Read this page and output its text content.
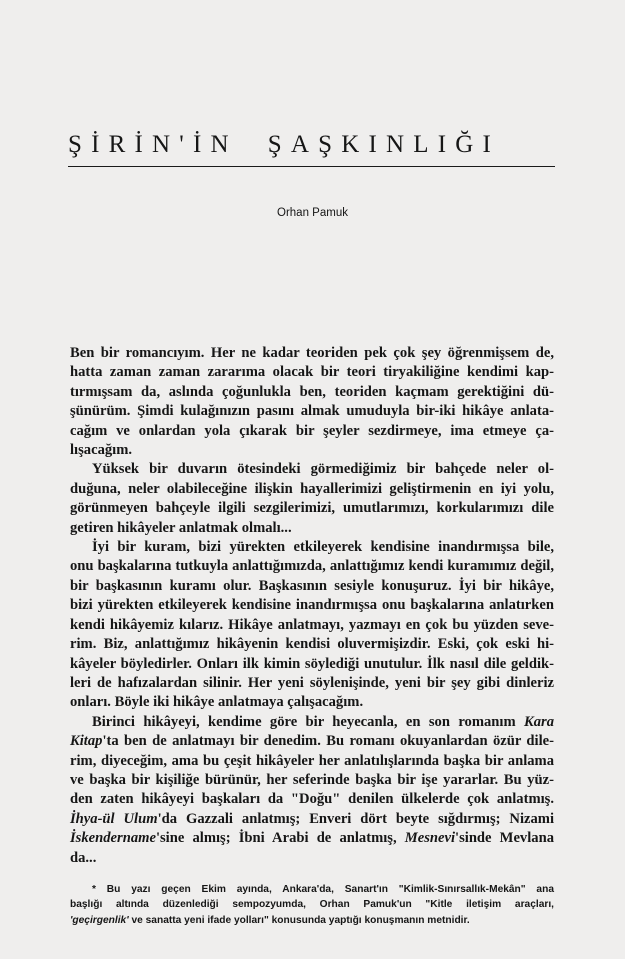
ŞİRİN'İN ŞAŞKINLIĞI
Orhan Pamuk
Ben bir romancıyım. Her ne kadar teoriden pek çok şey öğrenmişsem de,
hatta zaman zaman zararıma olacak bir teori tiryakiliğine kendimi kap-
tırmışsam da, aslında çoğunlukla ben, teoriden kaçmam gerektiğini dü-
şünürüm. Şimdi kulağınızın pasını almak umuduyla bir-iki hikâye anlata-
cağım ve onlardan yola çıkarak bir şeyler sezdirmeye, ima etmeye ça-
lışacağım.
Yüksek bir duvarın ötesindeki görmediğimiz bir bahçede neler ol-
duğuna, neler olabileceğine ilişkin hayallerimizi geliştirmenin en iyi yolu,
görünmeyen bahçeyle ilgili sezgilerimizi, umutlarımızı, korkularımızı dile
getiren hikâyeler anlatmak olmalı...
İyi bir kuram, bizi yürekten etkileyerek kendisine inandırmışsa bile,
onu başkalarına tutkuyla anlattığımızda, anlattığımız kendi kuramımız değil,
bir başkasının kuramı olur. Başkasının sesiyle konuşuruz. İyi bir hikâye,
bizi yürekten etkileyerek kendisine inandırmışsa onu başkalarına anlatırken
kendi hikâyemiz kılarız. Hikâye anlatmayı, yazmayı en çok bu yüzden seve-
rim. Biz, anlattığımız hikâyenin kendisi oluvermişizdir. Eski, çok eski hi-
kâyeler böyledirler. Onları ilk kimin söylediği unutulur. İlk nasıl dile geldik-
leri de hafızalardan silinir. Her yeni söylenişinde, yeni bir şey gibi dinleriz
onları. Böyle iki hikâye anlatmaya çalışacağım.
Birinci hikâyeyi, kendime göre bir heyecanla, en son romanım Kara
Kitap'ta ben de anlatmayı bir denedim. Bu romanı okuyanlardan özür dile-
rim, diyeceğim, ama bu çeşit hikâyeler her anlatılışlarında başka bir anlama
ve başka bir kişiliğe bürünür, her seferinde başka bir işe yararlar. Bu yüz-
den zaten hikâyeyi başkaları da "Doğu" denilen ülkelerde çok anlatmış.
İhya-ül Ulum'da Gazzali anlatmış; Enveri dört beyte sığdırmış; Nizami
İskendername'sine almış; İbni Arabi de anlatmış, Mesnevi'sinde Mevlana
da...
* Bu yazı geçen Ekim ayında, Ankara'da, Sanart'ın "Kimlik-Sınırsallık-Mekân" ana
başlığı altında düzenlediği sempozyumda, Orhan Pamuk'un "Kitle iletişim araçları,
'geçirgenlik' ve sanatta yeni ifade yolları" konusunda yaptığı konuşmanın metnidir.
